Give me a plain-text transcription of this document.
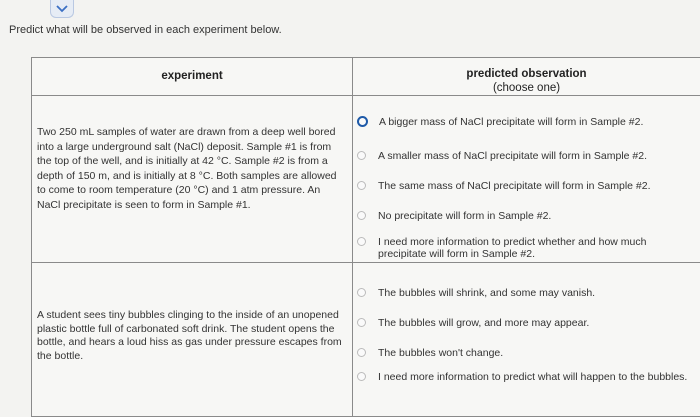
Predict what will be observed in each experiment below.
experiment	predicted observation
(choose one)
Two 250 mL samples of water are drawn from a deep well bored into a large underground salt (NaCl) deposit. Sample #1 is from the top of the well, and is initially at 42 °C. Sample #2 is from a depth of 150 m, and is initially at 8 °C. Both samples are allowed to come to room temperature (20 °C) and 1 atm pressure. An NaCl precipitate is seen to form in Sample #1.
A bigger mass of NaCl precipitate will form in Sample #2.
A smaller mass of NaCl precipitate will form in Sample #2.
The same mass of NaCl precipitate will form in Sample #2.
No precipitate will form in Sample #2.
I need more information to predict whether and how much precipitate will form in Sample #2.
A student sees tiny bubbles clinging to the inside of an unopened plastic bottle full of carbonated soft drink. The student opens the bottle, and hears a loud hiss as gas under pressure escapes from the bottle.
The bubbles will shrink, and some may vanish.
The bubbles will grow, and more may appear.
The bubbles won't change.
I need more information to predict what will happen to the bubbles.
